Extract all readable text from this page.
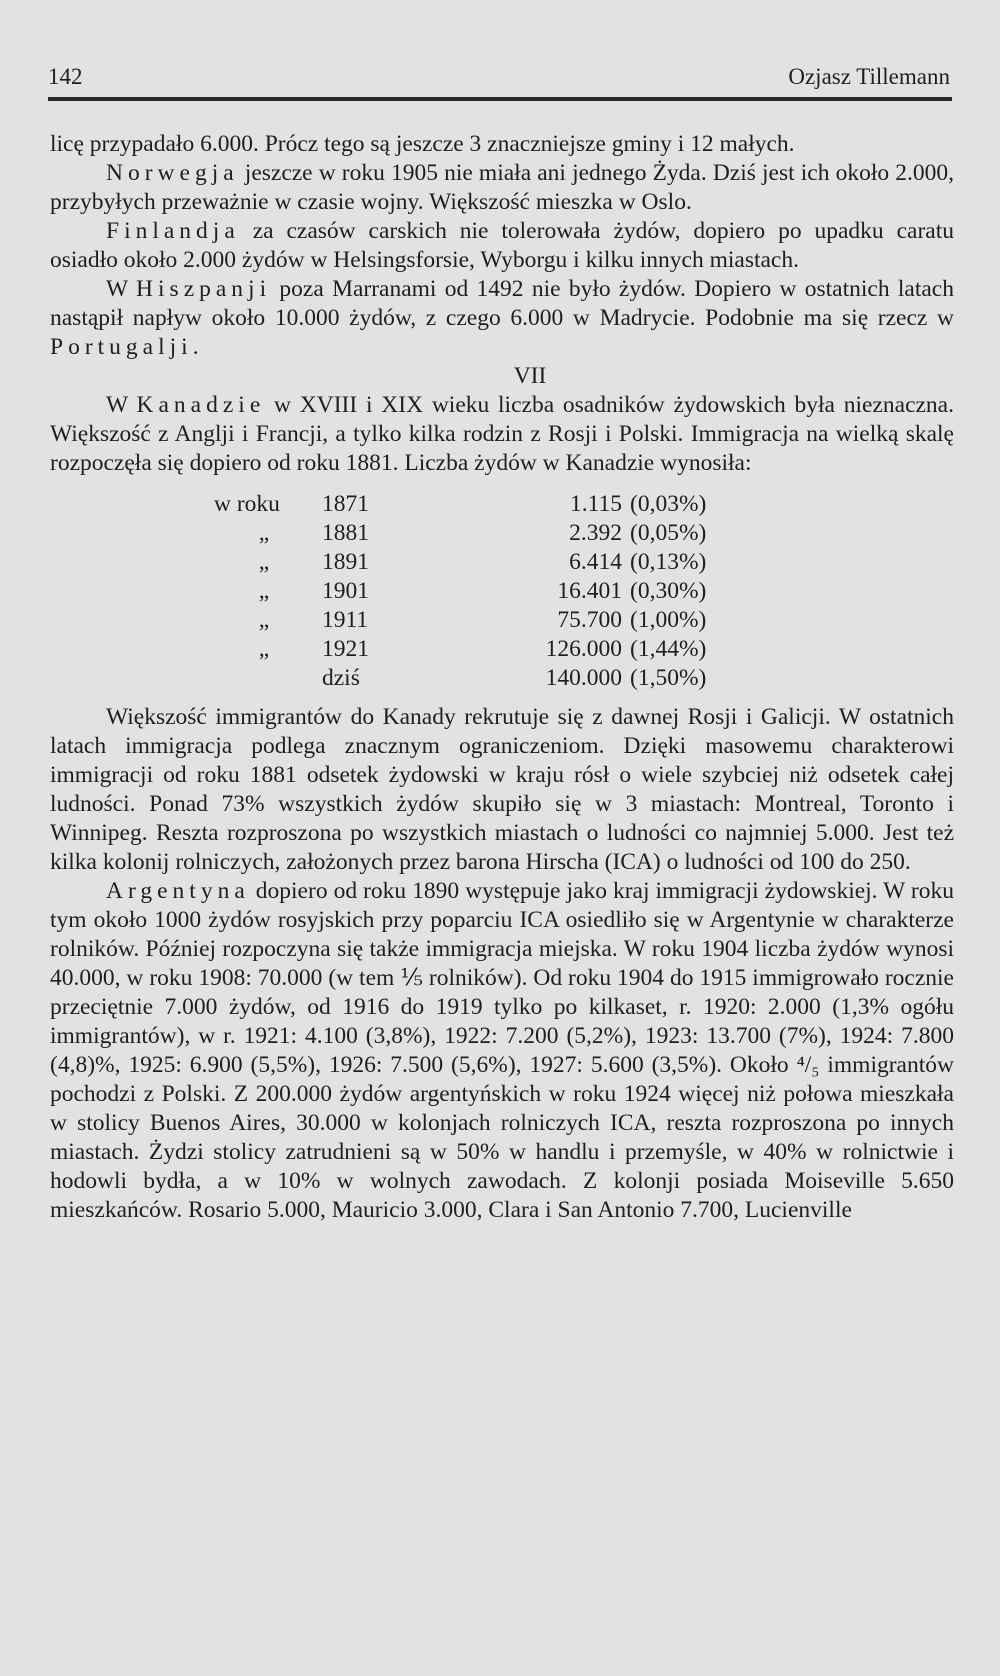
142	Ozjasz Tillemann

licę przypadało 6.000. Prócz tego są jeszcze 3 znaczniejsze gminy i 12 małych.

Norwegja jeszcze w roku 1905 nie miała ani jednego Żyda. Dziś jest ich około 2.000, przybyłych przeważnie w czasie wojny. Większość mieszka w Oslo.

Finlandja za czasów carskich nie tolerowała żydów, dopiero po upadku caratu osiadło około 2.000 żydów w Helsingsforsie, Wyborgu i kilku innych miastach.

W Hiszpanji poza Marranami od 1492 nie było żydów. Dopiero w ostatnich latach nastąpił napływ około 10.000 żydów, z czego 6.000 w Madrycie. Podobnie ma się rzecz w Portugalji.

VII

W Kanadzie w XVIII i XIX wieku liczba osadników żydowskich była nieznaczna. Większość z Anglji i Francji, a tylko kilka rodzin z Rosji i Polski. Immigracja na wielką skalę rozpoczęła się dopiero od roku 1881. Liczba żydów w Kanadzie wynosiła:

w roku	1871	1.115	(0,03%)
„	1881	2.392	(0,05%)
„	1891	6.414	(0,13%)
„	1901	16.401	(0,30%)
„	1911	75.700	(1,00%)
„	1921	126.000	(1,44%)
	dziś	140.000	(1,50%)

Większość immigrantów do Kanady rekrutuje się z dawnej Rosji i Galicji. W ostatnich latach immigracja podlega znacznym ograniczeniom. Dzięki masowemu charakterowi immigracji od roku 1881 odsetek żydowski w kraju rósł o wiele szybciej niż odsetek całej ludności. Ponad 73% wszystkich żydów skupiło się w 3 miastach: Montreal, Toronto i Winnipeg. Reszta rozproszona po wszystkich miastach o ludności co najmniej 5.000. Jest też kilka kolonij rolniczych, założonych przez barona Hirscha (ICA) o ludności od 100 do 250.

Argentyna dopiero od roku 1890 występuje jako kraj immigracji żydowskiej. W roku tym około 1000 żydów rosyjskich przy poparciu ICA osiedliło się w Argentynie w charakterze rolników. Później rozpoczyna się także immigracja miejska. W roku 1904 liczba żydów wynosi 40.000, w roku 1908: 70.000 (w tem ⅕ rolników). Od roku 1904 do 1915 immigrowało rocznie przeciętnie 7.000 żydów, od 1916 do 1919 tylko po kilkaset, r. 1920: 2.000 (1,3% ogółu immigrantów), w r. 1921: 4.100 (3,8%), 1922: 7.200 (5,2%), 1923: 13.700 (7%), 1924: 7.800 (4,8)%, 1925: 6.900 (5,5%), 1926: 7.500 (5,6%), 1927: 5.600 (3,5%). Około ⁴/₅ immigrantów pochodzi z Polski. Z 200.000 żydów argentyńskich w roku 1924 więcej niż połowa mieszkała w stolicy Buenos Aires, 30.000 w kolonjach rolniczych ICA, reszta rozproszona po innych miastach. Żydzi stolicy zatrudnieni są w 50% w handlu i przemyśle, w 40% w rolnictwie i hodowli bydła, a w 10% w wolnych zawodach. Z kolonji posiada Moiseville 5.650 mieszkańców. Rosario 5.000, Mauricio 3.000, Clara i San Antonio 7.700, Lucienville
